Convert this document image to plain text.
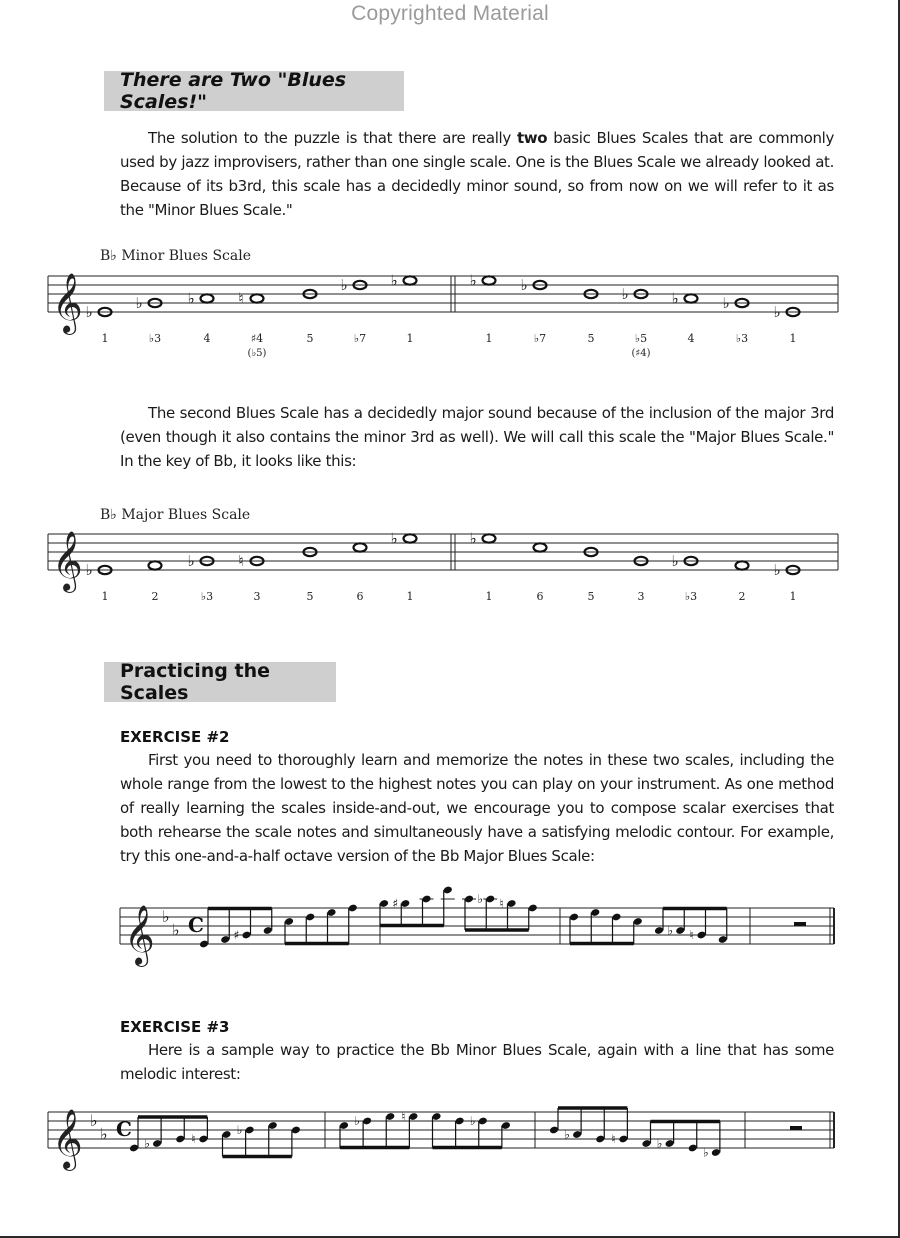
Copyrighted Material
There are Two "Blues Scales!"
The solution to the puzzle is that there are really two basic Blues Scales that are commonly used by jazz improvisers, rather than one single scale. One is the Blues Scale we already looked at. Because of its b3rd, this scale has a decidedly minor sound, so from now on we will refer to it as the "Minor Blues Scale."
B♭ Minor Blues Scale
𝄞 ♭	♭	♭	♮
♭	♭	♭	♭	♭	♭	♭	♭
1	♭3	4	♯4	5	♭7	1	1	♭7	5	♭5	4	♭3	1
(♭5)	(♯4)
The second Blues Scale has a decidedly major sound because of the inclusion of the major 3rd (even though it also contains the minor 3rd as well). We will call this scale the "Major Blues Scale." In the key of Bb, it looks like this:
B♭ Major Blues Scale
𝄞 ♭	♭	♮
♭	♭
♭	♭
1	2	♭3	3	5	6	1	1	6	5	3	♭3	2	1
Practicing the Scales
EXERCISE #2
First you need to thoroughly learn and memorize the notes in these two scales, including the whole range from the lowest to the highest notes you can play on your instrument. As one method of really learning the scales inside-and-out, we encourage you to compose scalar exercises that both rehearse the scale notes and simultaneously have a satisfying melodic contour. For example, try this one-and-a-half octave version of the Bb Major Blues Scale:
𝄞 ♭
♭ C ♯
♯	♭ ♮
♭ ♮
EXERCISE #3
Here is a sample way to practice the Bb Minor Blues Scale, again with a line that has some melodic interest:
𝄞 ♭
♭ C
♭	♮
♭
♭	♮	♭
♭	♮	♭
♭
